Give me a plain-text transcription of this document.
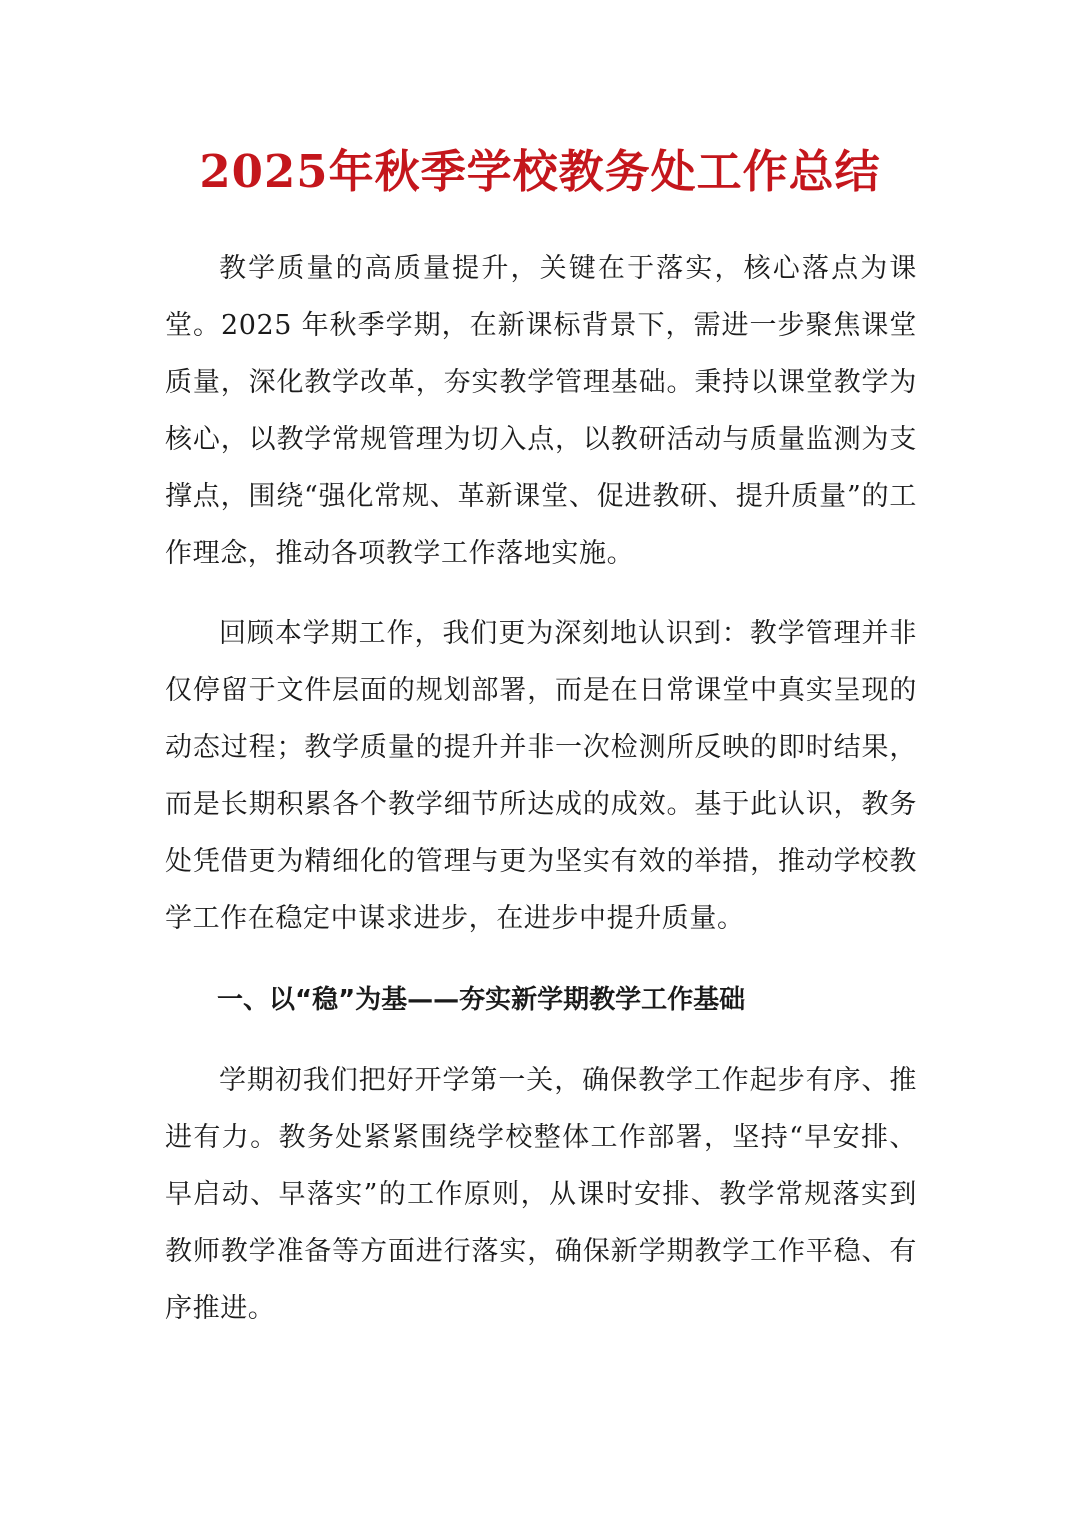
2025年秋季学校教务处工作总结

教学质量的高质量提升，关键在于落实，核心落点为课堂。2025 年秋季学期，在新课标背景下，需进一步聚焦课堂质量，深化教学改革，夯实教学管理基础。秉持以课堂教学为核心，以教学常规管理为切入点，以教研活动与质量监测为支撑点，围绕“强化常规、革新课堂、促进教研、提升质量”的工作理念，推动各项教学工作落地实施。

回顾本学期工作，我们更为深刻地认识到：教学管理并非仅停留于文件层面的规划部署，而是在日常课堂中真实呈现的动态过程；教学质量的提升并非一次检测所反映的即时结果，而是长期积累各个教学细节所达成的成效。基于此认识，教务处凭借更为精细化的管理与更为坚实有效的举措，推动学校教学工作在稳定中谋求进步，在进步中提升质量。

一、以“稳”为基——夯实新学期教学工作基础

学期初我们把好开学第一关，确保教学工作起步有序、推进有力。教务处紧紧围绕学校整体工作部署，坚持“早安排、早启动、早落实”的工作原则，从课时安排、教学常规落实到教师教学准备等方面进行落实，确保新学期教学工作平稳、有序推进。
